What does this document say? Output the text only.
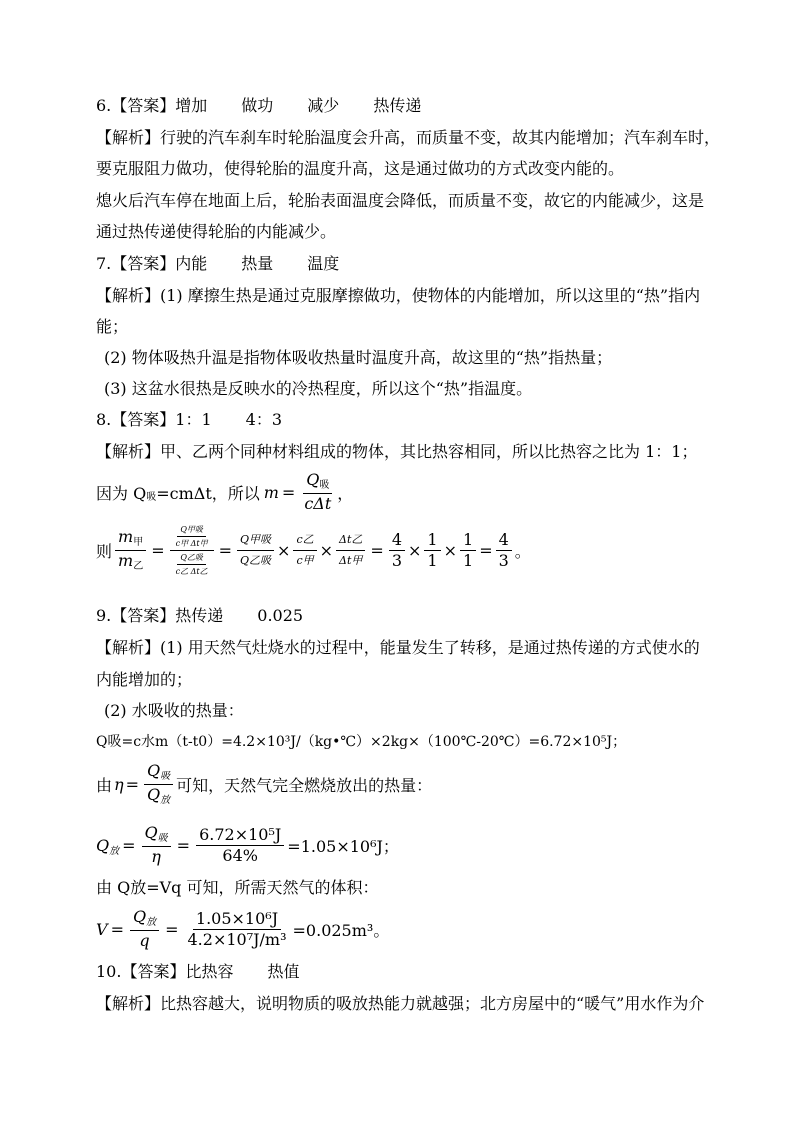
6.【答案】增加 做功 减少 热传递
【解析】行驶的汽车刹车时轮胎温度会升高，而质量不变，故其内能增加；汽车刹车时，
要克服阻力做功，使得轮胎的温度升高，这是通过做功的方式改变内能的。
熄火后汽车停在地面上后，轮胎表面温度会降低，而质量不变，故它的内能减少，这是
通过热传递使得轮胎的内能减少。
7.【答案】内能 热量 温度
【解析】(1) 摩擦生热是通过克服摩擦做功，使物体的内能增加，所以这里的“热”指内
能；
(2) 物体吸热升温是指物体吸收热量时温度升高，故这里的“热”指热量；
(3) 这盆水很热是反映水的冷热程度，所以这个“热”指温度。
8.【答案】1：1 4：3
【解析】甲、乙两个同种材料组成的物体，其比热容相同，所以比热容之比为 1：1；
因为 Q 吸 =cmΔt，所以 $m = \frac{\text{Q吸}}{\text{cΔt}}$ ，
则 $\frac{\text{m甲}}{\text{m乙}} = \frac{\frac{\text{Q甲吸}}{\text{c甲 Δt甲}}}{\frac{\text{Q乙吸}}{\text{c乙 Δt乙}}} = \frac{\text{Q甲吸}}{\text{Q乙吸}} \times \frac{\text{c乙}}{\text{c甲}} \times \frac{\text{Δt乙}}{\text{Δt甲}} = \frac{4}{3} \times \frac{1}{1} \times \frac{1}{1} = \frac{4}{3}$ 。
9.【答案】热传递 0.025
【解析】(1) 用天然气灶烧水的过程中，能量发生了转移，是通过热传递的方式使水的
内能增加的；
(2) 水吸收的热量：
Q吸=c水m（t-t0）=4.2×10³J/（kg•℃）×2kg×（100℃-20℃）=6.72×10⁵J；
由 $\eta = \frac{\text{Q吸}}{\text{Q放}}$ 可知，天然气完全燃烧放出的热量：
Q放 = $\frac{\text{Q吸}}{\eta} = \frac{\text{6.72×10⁵J}}{64\%} =1.05\times 10^6J$；
由 Q放=Vq 可知，所需天然气的体积：
$V = \frac{\text{Q放}}{q} = \frac{\text{1.05×10⁶J}}{\text{4.2×10⁷J/m³}} =0.025m^3$。
10.【答案】比热容 热值
【解析】比热容越大，说明物质的吸放热能力就越强；北方房屋中的“暖气”用水作为介
